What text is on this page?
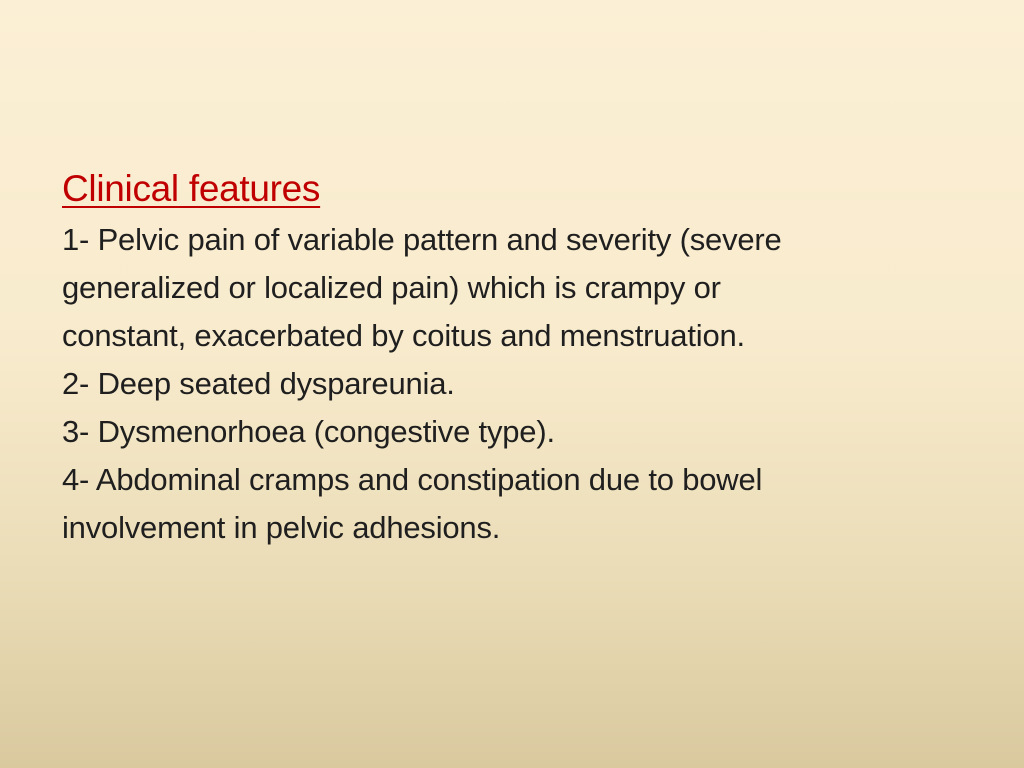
Clinical features
1- Pelvic pain of variable pattern and severity (severe
generalized or localized pain) which is crampy or
constant, exacerbated by coitus and menstruation.
2- Deep seated dyspareunia.
3- Dysmenorhoea (congestive type).
4- Abdominal cramps and constipation due to bowel
involvement in pelvic adhesions.
